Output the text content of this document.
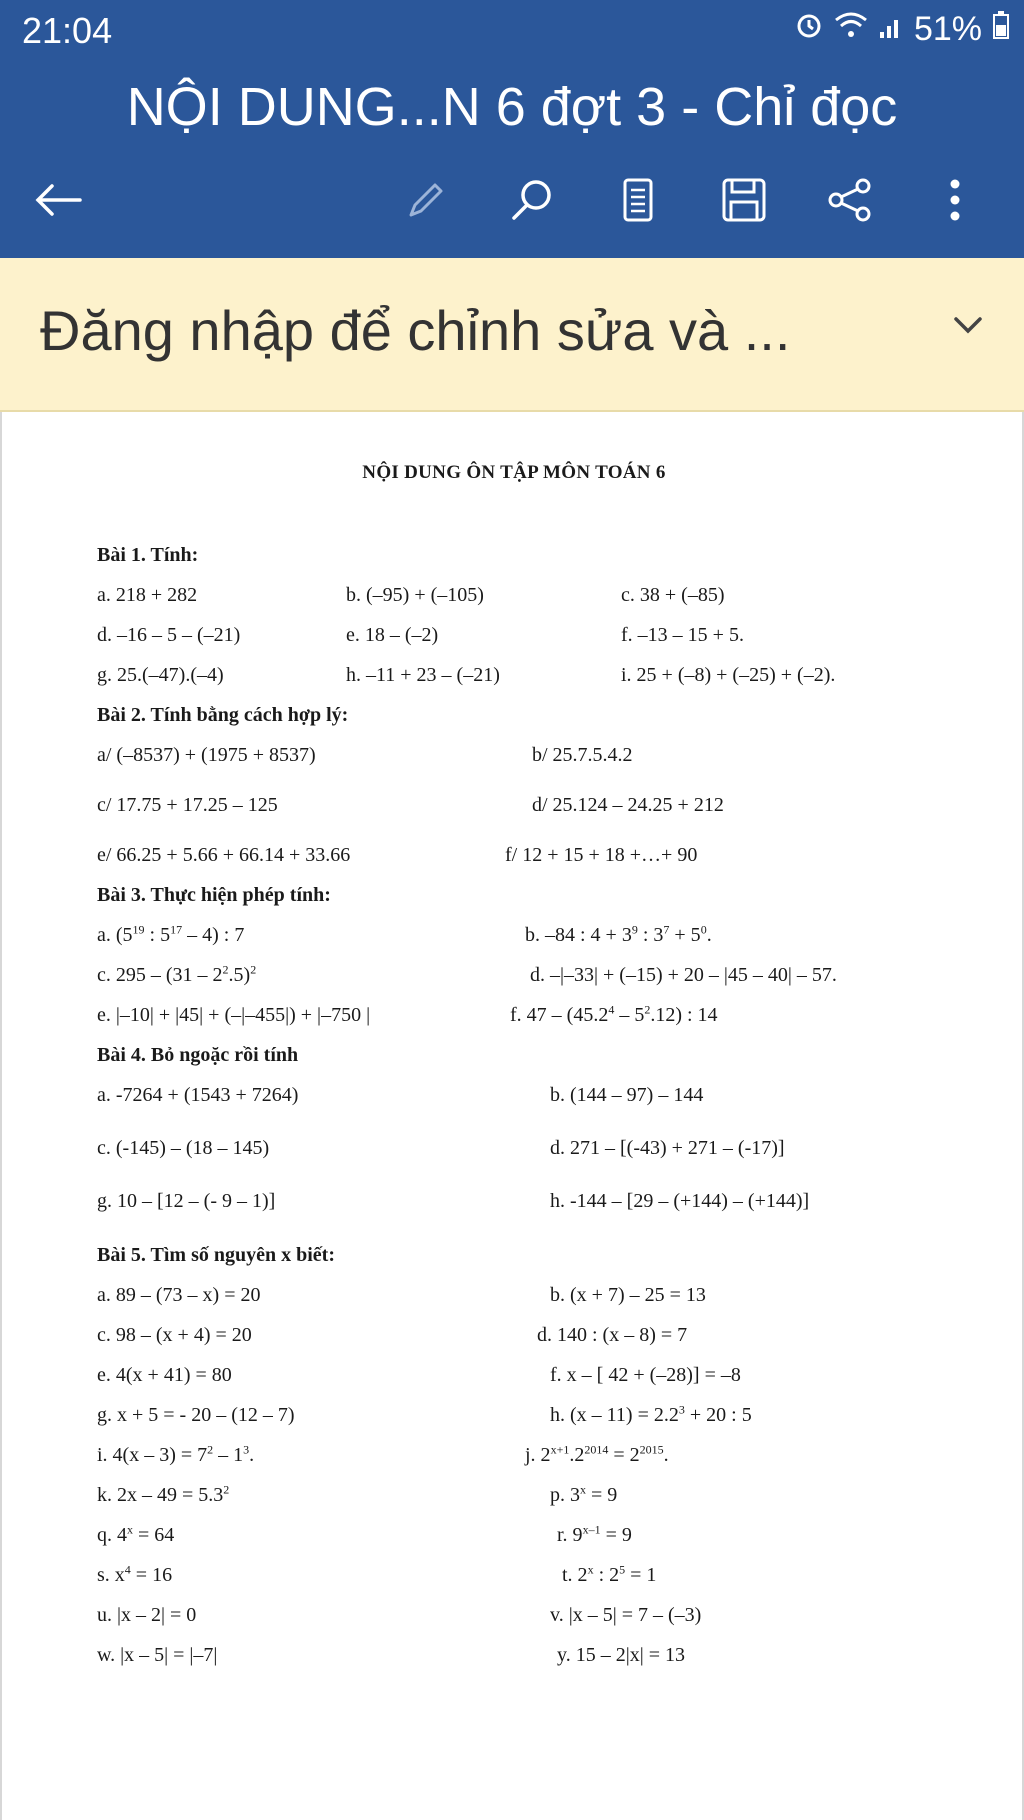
21:04	51%
NỘI DUNG...N 6 đợt 3 - Chỉ đọc
Đăng nhập để chỉnh sửa và ...
NỘI DUNG ÔN TẬP MÔN TOÁN 6
Bài 1. Tính:
a. 218 + 282	b. (–95) + (–105)	c. 38 + (–85)
d. –16 – 5 – (–21)	e. 18 – (–2)	f. –13 – 15 + 5.
g. 25.(–47).(–4)	h. –11 + 23 – (–21)	i. 25 + (–8) + (–25) + (–2).
Bài 2. Tính bằng cách hợp lý:
a/ (–8537) + (1975 + 8537)	b/ 25.7.5.4.2
c/ 17.75 + 17.25 – 125	d/ 25.124 – 24.25 + 212
e/ 66.25 + 5.66 + 66.14 + 33.66	f/ 12 + 15 + 18 +…+ 90
Bài 3. Thực hiện phép tính:
a. ($5^{19}$ : $5^{17} - 4$) : 7	b. –84 : $4 + 3^9$ : $3^7 + 5^0$.
c. $295 - (31 - 2^2.5)^2$	d. –|–33| + (–15) + 20 – |45 – 40| – 57.
e. |–10| + |45| + (–|–455|) + |–750 |	f. $47 - (45.2^4 - 5^2.12)$ : 14
Bài 4. Bỏ ngoặc rồi tính
a. -7264 + (1543 + 7264)	b. (144 – 97) – 144
c. (-145) – (18 – 145)	d. 271 – [(-43) + 271 – (-17)]
g. 10 – [12 – (- 9 – 1)]	h. -144 – [29 – (+144) – (+144)]
Bài 5. Tìm số nguyên x biết:
a. 89 – (73 – x) = 20	b. (x + 7) – 25 = 13
c. 98 – (x + 4) = 20	d. 140 : (x – 8) = 7
e. 4(x + 41) = 80	f. x – [ 42 + (–28)] = –8
g. x + 5 = - 20 – (12 – 7)	h. $(x - 11) = 2.2^3 + 20$ : 5
i. $4(x - 3) = 7^2 - 1^3$.	j. $2^{x+1}.2^{2014} = 2^{2015}$.
k. $2x - 49 = 5.3^2$	p. $3^x = 9$
q. $4^x = 64$	r. $9^{x-1} = 9$
s. $x^4 = 16$	t. 2$^x$ : $2^5 = 1$
u. |x – 2| = 0	v. |x – 5| = 7 – (–3)
w. |x – 5| = |–7|	y. 15 – 2|x| = 13
